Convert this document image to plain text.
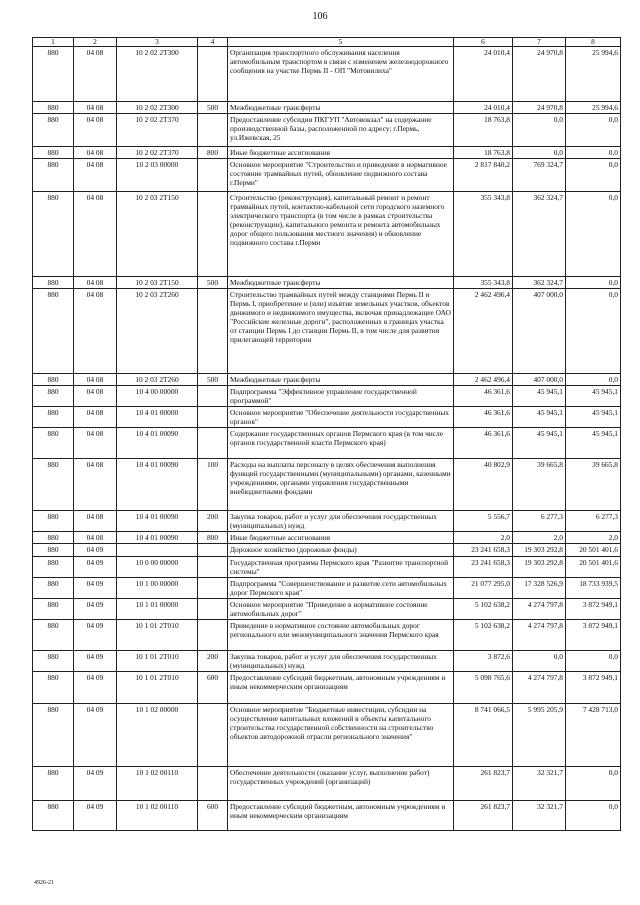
106
1	2	3	4	5	6	7	8
880	04 08	10 2 02 2Т300		Организация транспортного обслуживания населения автомобильным транспортом в связи с измененем железнодорожного сообщения на участке Пермь II - ОП "Мотовилиха"	24 010,4	24 970,8	25 994,6
880	04 08	10 2 02 2Т300	500	Межбюджетные трансферты	24 010,4	24 970,8	25 994,6
880	04 08	10 2 02 2Т370		Предоставление субсидии ПКГУП "Автовокзал" на содержание производственной базы, расположенной по адресу: г.Пермь, ул.Ижевская, 25	18 763,8	0,0	0,0
880	04 08	10 2 02 2Т370	800	Иные бюджетные ассигнования	18 763,8	0,0	0,0
880	04 08	10 2 03 00000		Основное мероприятие "Строительство и приведение в нормативное состояние трамвайных путей, обновление подвижного состава г.Перми"	2 817 840,2	769 324,7	0,0
880	04 08	10 2 03 2Т150		Строительство (реконструкция), капитальный ремонт и ремонт трамвайных путей, контактно-кабельной сети городского наземного электрического транспорта (в том числе в рамках строительства (реконструкции), капитального ремонта и ремонта автомобильных дорог общего пользования местного значения) и обновление подвижного состава г.Перми	355 343,8	362 324,7	0,0
880	04 08	10 2 03 2Т150	500	Межбюджетные трансферты	355 343,8	362 324,7	0,0
880	04 08	10 2 03 2Т260		Строительство трамвайных путей между станциями Пермь II и Пермь I, приобретение и (или) изъятие земельных участков, объектов движимого и недвижимого имущества, включая принадлежащее ОАО "Российские железные дороги", расположенных в границах участка от станции Пермь I до станции Пермь II, в том числе для развития прилегающей территории	2 462 496,4	407 000,0	0,0
880	04 08	10 2 03 2Т260	500	Межбюджетные трансферты	2 462 496,4	407 000,0	0,0
880	04 08	10 4 00 00000		Подпрограмма "Эффективное управление государственной программой"	46 361,6	45 945,1	45 945,1
880	04 08	10 4 01 00000		Основное мероприятие "Обеспечение деятельности государственных органов"	46 361,6	45 945,1	45 945,1
880	04 08	10 4 01 00090		Содержание государственных органов Пермского края (в том числе органов государственной власти Пермского края)	46 361,6	45 945,1	45 945,1
880	04 08	10 4 01 00090	100	Расходы на выплаты персоналу в целях обеспечения выполнения функций государственными (муниципальными) органами, казенными учреждениями, органами управления государственными внебюджетными фондами	40 802,9	39 665,8	39 665,8
880	04 08	10 4 01 00090	200	Закупка товаров, работ и услуг для обеспечения государственных (муниципальных) нужд	5 556,7	6 277,3	6 277,3
880	04 08	10 4 01 00090	800	Иные бюджетные ассигнования	2,0	2,0	2,0
880	04 09			Дорожное хозяйство (дорожные фонды)	23 241 658,3	19 303 292,8	20 501 401,6
880	04 09	10 0 00 00000		Государственная программа Пермского края "Развитие транспортной системы"	23 241 658,3	19 303 292,8	20 501 401,6
880	04 09	10 1 00 00000		Подпрограмма "Совершенствование и развитие сети автомобильных дорог Пермского края"	21 077 295,0	17 328 526,9	18 733 939,5
880	04 09	10 1 01 00000		Основное мероприятие "Приведение в нормативное состояние автомобильных дорог"	5 102 638,2	4 274 797,8	3 872 949,1
880	04 09	10 1 01 2Т010		Приведение в нормативное состояние автомобильных дорог регионального или межмуниципального значения Пермского края	5 102 638,2	4 274 797,8	3 872 949,1
880	04 09	10 1 01 2Т010	200	Закупка товаров, работ и услуг для обеспечения государственных (муниципальных) нужд	3 872,6	0,0	0,0
880	04 09	10 1 01 2Т010	600	Предоставление субсидий бюджетным, автономным учреждениям и иным некоммерческим организациям	5 098 765,6	4 274 797,8	3 872 949,1
880	04 09	10 1 02 00000		Основное мероприятие "Бюджетные инвестиции, субсидии на осуществление капитальных вложений в объекты капитального строительства государственной собственности на строительство объектов автодорожной отрасли регионального значения"	8 741 066,5	5 995 205,9	7 428 713,0
880	04 09	10 1 02 00110		Обеспечение деятельности (оказание услуг, выполнение работ) государственных учреждений (организаций)	261 823,7	32 321,7	0,0
880	04 09	10 1 02 00110	600	Предоставление субсидий бюджетным, автономным учреждениям и иным некоммерческим организациям	261 823,7	32 321,7	0,0
4926-21
